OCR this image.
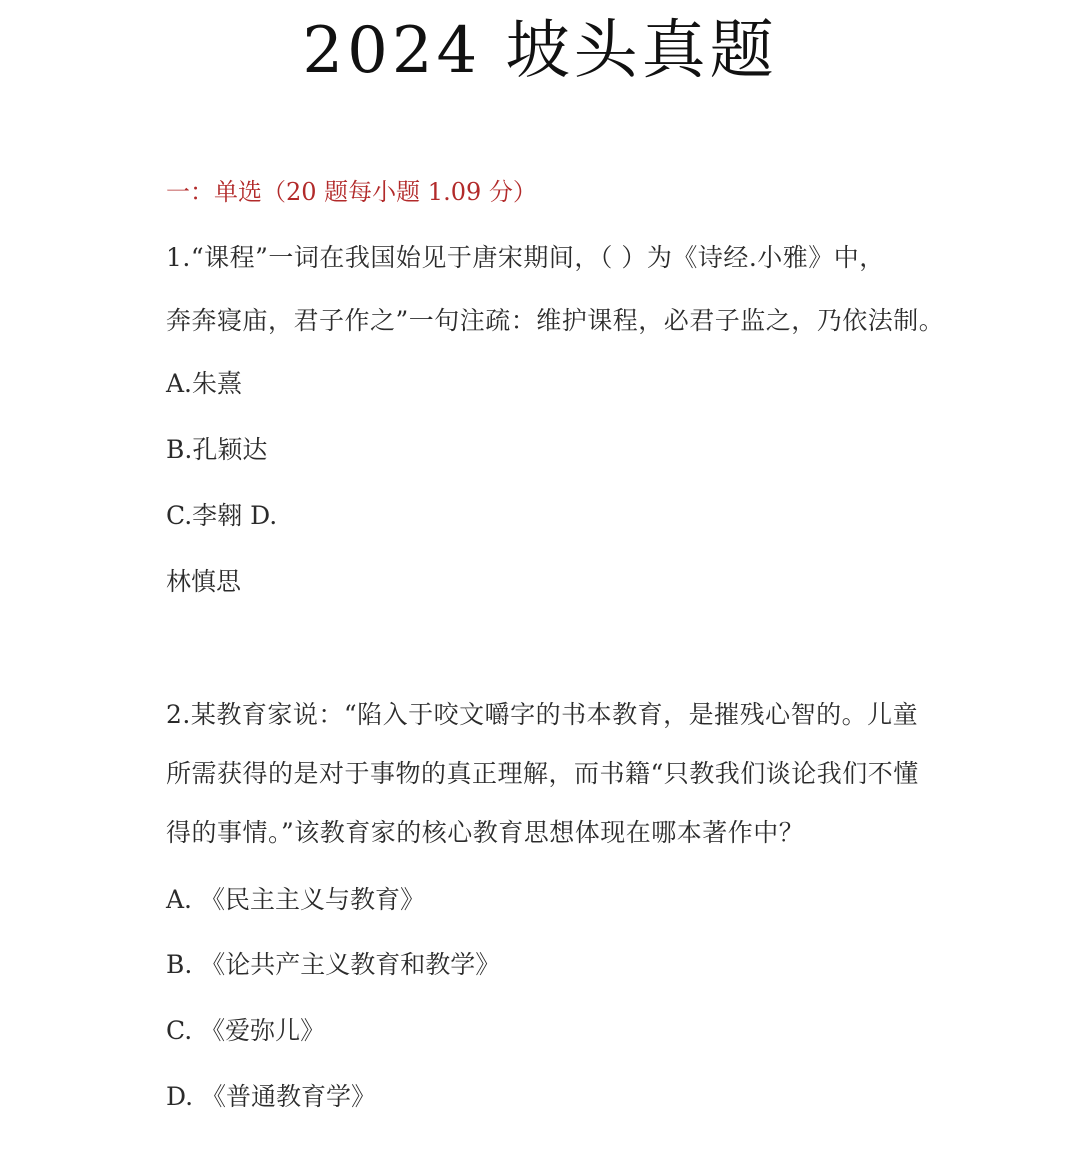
2024 坡头真题
一：单选（20 题每小题 1.09 分）
1.“课程”一词在我国始见于唐宋期间，（ ）为《诗经.小雅》中，
奔奔寝庙，君子作之”一句注疏：维护课程，必君子监之，乃依法制。
A.朱熹
B.孔颖达
C.李翱 D.
林慎思
2.某教育家说：“陷入于咬文嚼字的书本教育，是摧残心智的。儿童
所需获得的是对于事物的真正理解，而书籍“只教我们谈论我们不懂
得的事情。”该教育家的核心教育思想体现在哪本著作中？
A. 《民主主义与教育》
B. 《论共产主义教育和教学》
C. 《爱弥儿》
D. 《普通教育学》
